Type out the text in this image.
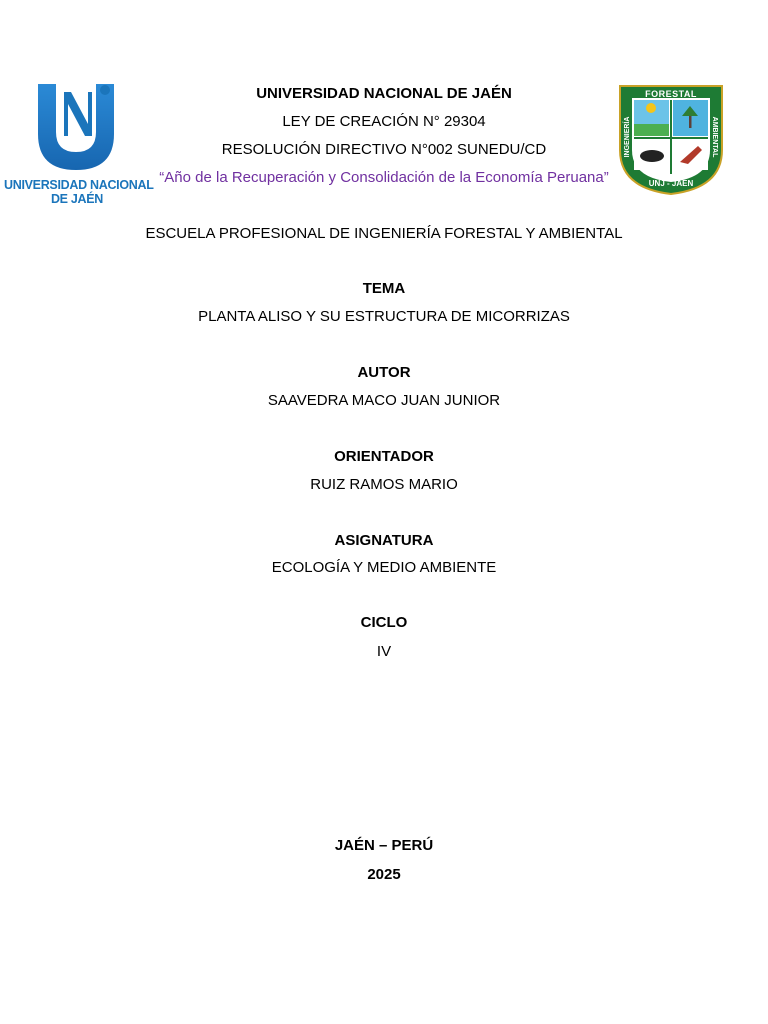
UNIVERSIDAD NACIONAL
DE JAÉN
FORESTAL
INGENIERÍA	AMBIENTAL
UNJ - JAEN
UNIVERSIDAD NACIONAL DE JAÉN
LEY DE CREACIÓN N° 29304
RESOLUCIÓN DIRECTIVO N°002 SUNEDU/CD
“Año de la Recuperación y Consolidación de la Economía Peruana”
ESCUELA PROFESIONAL DE INGENIERÍA FORESTAL Y AMBIENTAL
TEMA
PLANTA ALISO Y SU ESTRUCTURA DE MICORRIZAS
AUTOR
SAAVEDRA MACO JUAN JUNIOR
ORIENTADOR
RUIZ RAMOS MARIO
ASIGNATURA
ECOLOGÍA Y MEDIO AMBIENTE
CICLO
IV
JAÉN – PERÚ
2025
